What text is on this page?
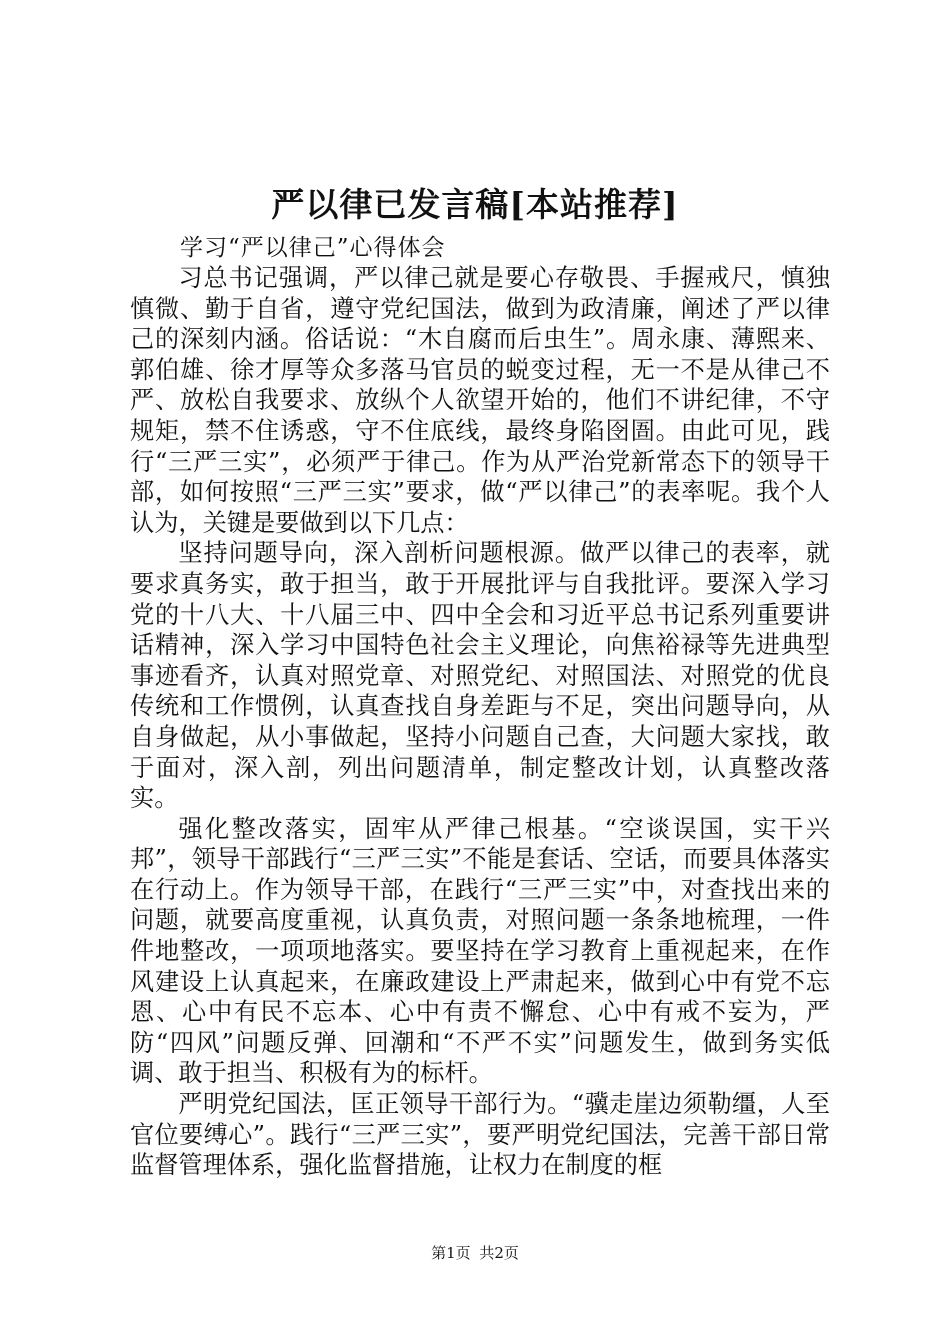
严以律已发言稿[本站推荐]
学习“严以律己”心得体会

习总书记强调，严以律己就是要心存敬畏、手握戒尺，慎独慎微、勤于自省，遵守党纪国法，做到为政清廉，阐述了严以律己的深刻内涵。俗话说：“木自腐而后虫生”。周永康、薄熙来、郭伯雄、徐才厚等众多落马官员的蜕变过程，无一不是从律己不严、放松自我要求、放纵个人欲望开始的，他们不讲纪律，不守规矩，禁不住诱惑，守不住底线，最终身陷囹圄。由此可见，践行“三严三实”，必须严于律己。作为从严治党新常态下的领导干部，如何按照“三严三实”要求，做“严以律己”的表率呢。我个人认为，关键是要做到以下几点：

坚持问题导向，深入剖析问题根源。做严以律己的表率，就要求真务实，敢于担当，敢于开展批评与自我批评。要深入学习党的十八大、十八届三中、四中全会和习近平总书记系列重要讲话精神，深入学习中国特色社会主义理论，向焦裕禄等先进典型事迹看齐，认真对照党章、对照党纪、对照国法、对照党的优良传统和工作惯例，认真查找自身差距与不足，突出问题导向，从自身做起，从小事做起，坚持小问题自己查，大问题大家找，敢于面对，深入剖，列出问题清单，制定整改计划，认真整改落实。

强化整改落实，固牢从严律己根基。“空谈误国，实干兴邦”，领导干部践行“三严三实”不能是套话、空话，而要具体落实在行动上。作为领导干部，在践行“三严三实”中，对查找出来的问题，就要高度重视，认真负责，对照问题一条条地梳理，一件件地整改，一项项地落实。要坚持在学习教育上重视起来，在作风建设上认真起来，在廉政建设上严肃起来，做到心中有党不忘恩、心中有民不忘本、心中有责不懈怠、心中有戒不妄为，严防“四风”问题反弹、回潮和“不严不实”问题发生，做到务实低调、敢于担当、积极有为的标杆。

严明党纪国法，匡正领导干部行为。“骥走崖边须勒缰，人至官位要缚心”。践行“三严三实”，要严明党纪国法，完善干部日常监督管理体系，强化监督措施，让权力在制度的框

第1页 共2页
